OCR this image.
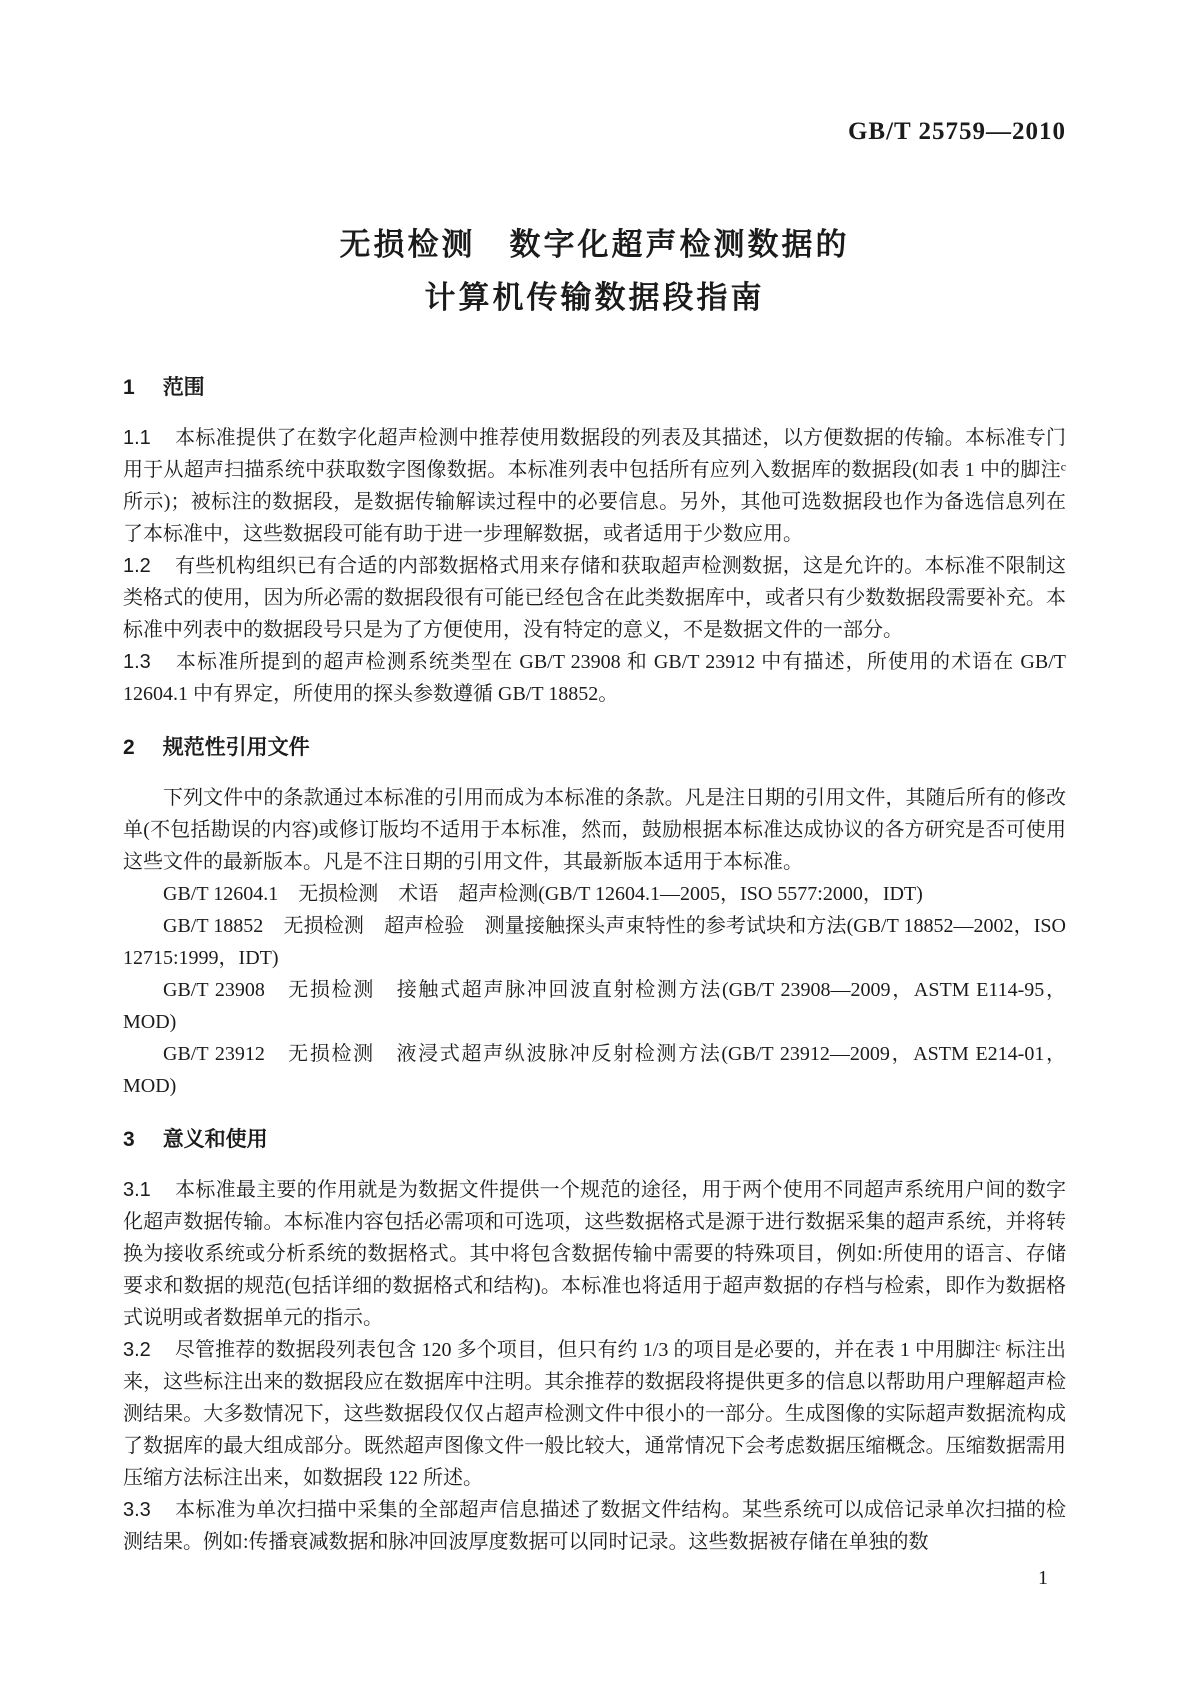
GB/T 25759—2010
无损检测　数字化超声检测数据的
计算机传输数据段指南
1 范围

1.1 本标准提供了在数字化超声检测中推荐使用数据段的列表及其描述，以方便数据的传输。本标准专门用于从超声扫描系统中获取数字图像数据。本标准列表中包括所有应列入数据库的数据段(如表 1 中的脚注ᶜ 所示)；被标注的数据段，是数据传输解读过程中的必要信息。另外，其他可选数据段也作为备选信息列在了本标准中，这些数据段可能有助于进一步理解数据，或者适用于少数应用。

1.2 有些机构组织已有合适的内部数据格式用来存储和获取超声检测数据，这是允许的。本标准不限制这类格式的使用，因为所必需的数据段很有可能已经包含在此类数据库中，或者只有少数数据段需要补充。本标准中列表中的数据段号只是为了方便使用，没有特定的意义，不是数据文件的一部分。

1.3 本标准所提到的超声检测系统类型在 GB/T 23908 和 GB/T 23912 中有描述，所使用的术语在 GB/T 12604.1 中有界定，所使用的探头参数遵循 GB/T 18852。

2 规范性引用文件

下列文件中的条款通过本标准的引用而成为本标准的条款。凡是注日期的引用文件，其随后所有的修改单(不包括勘误的内容)或修订版均不适用于本标准，然而，鼓励根据本标准达成协议的各方研究是否可使用这些文件的最新版本。凡是不注日期的引用文件，其最新版本适用于本标准。

GB/T 12604.1　无损检测　术语　超声检测(GB/T 12604.1—2005，ISO 5577:2000，IDT)

GB/T 18852　无损检测　超声检验　测量接触探头声束特性的参考试块和方法(GB/T 18852—2002，ISO 12715:1999，IDT)

GB/T 23908　无损检测　接触式超声脉冲回波直射检测方法(GB/T 23908—2009，ASTM E114-95，MOD)

GB/T 23912　无损检测　液浸式超声纵波脉冲反射检测方法(GB/T 23912—2009，ASTM E214-01，MOD)

3 意义和使用

3.1 本标准最主要的作用就是为数据文件提供一个规范的途径，用于两个使用不同超声系统用户间的数字化超声数据传输。本标准内容包括必需项和可选项，这些数据格式是源于进行数据采集的超声系统，并将转换为接收系统或分析系统的数据格式。其中将包含数据传输中需要的特殊项目，例如:所使用的语言、存储要求和数据的规范(包括详细的数据格式和结构)。本标准也将适用于超声数据的存档与检索，即作为数据格式说明或者数据单元的指示。

3.2 尽管推荐的数据段列表包含 120 多个项目，但只有约 1/3 的项目是必要的，并在表 1 中用脚注ᶜ 标注出来，这些标注出来的数据段应在数据库中注明。其余推荐的数据段将提供更多的信息以帮助用户理解超声检测结果。大多数情况下，这些数据段仅仅占超声检测文件中很小的一部分。生成图像的实际超声数据流构成了数据库的最大组成部分。既然超声图像文件一般比较大，通常情况下会考虑数据压缩概念。压缩数据需用压缩方法标注出来，如数据段 122 所述。

3.3 本标准为单次扫描中采集的全部超声信息描述了数据文件结构。某些系统可以成倍记录单次扫描的检测结果。例如:传播衰减数据和脉冲回波厚度数据可以同时记录。这些数据被存储在单独的数

1
